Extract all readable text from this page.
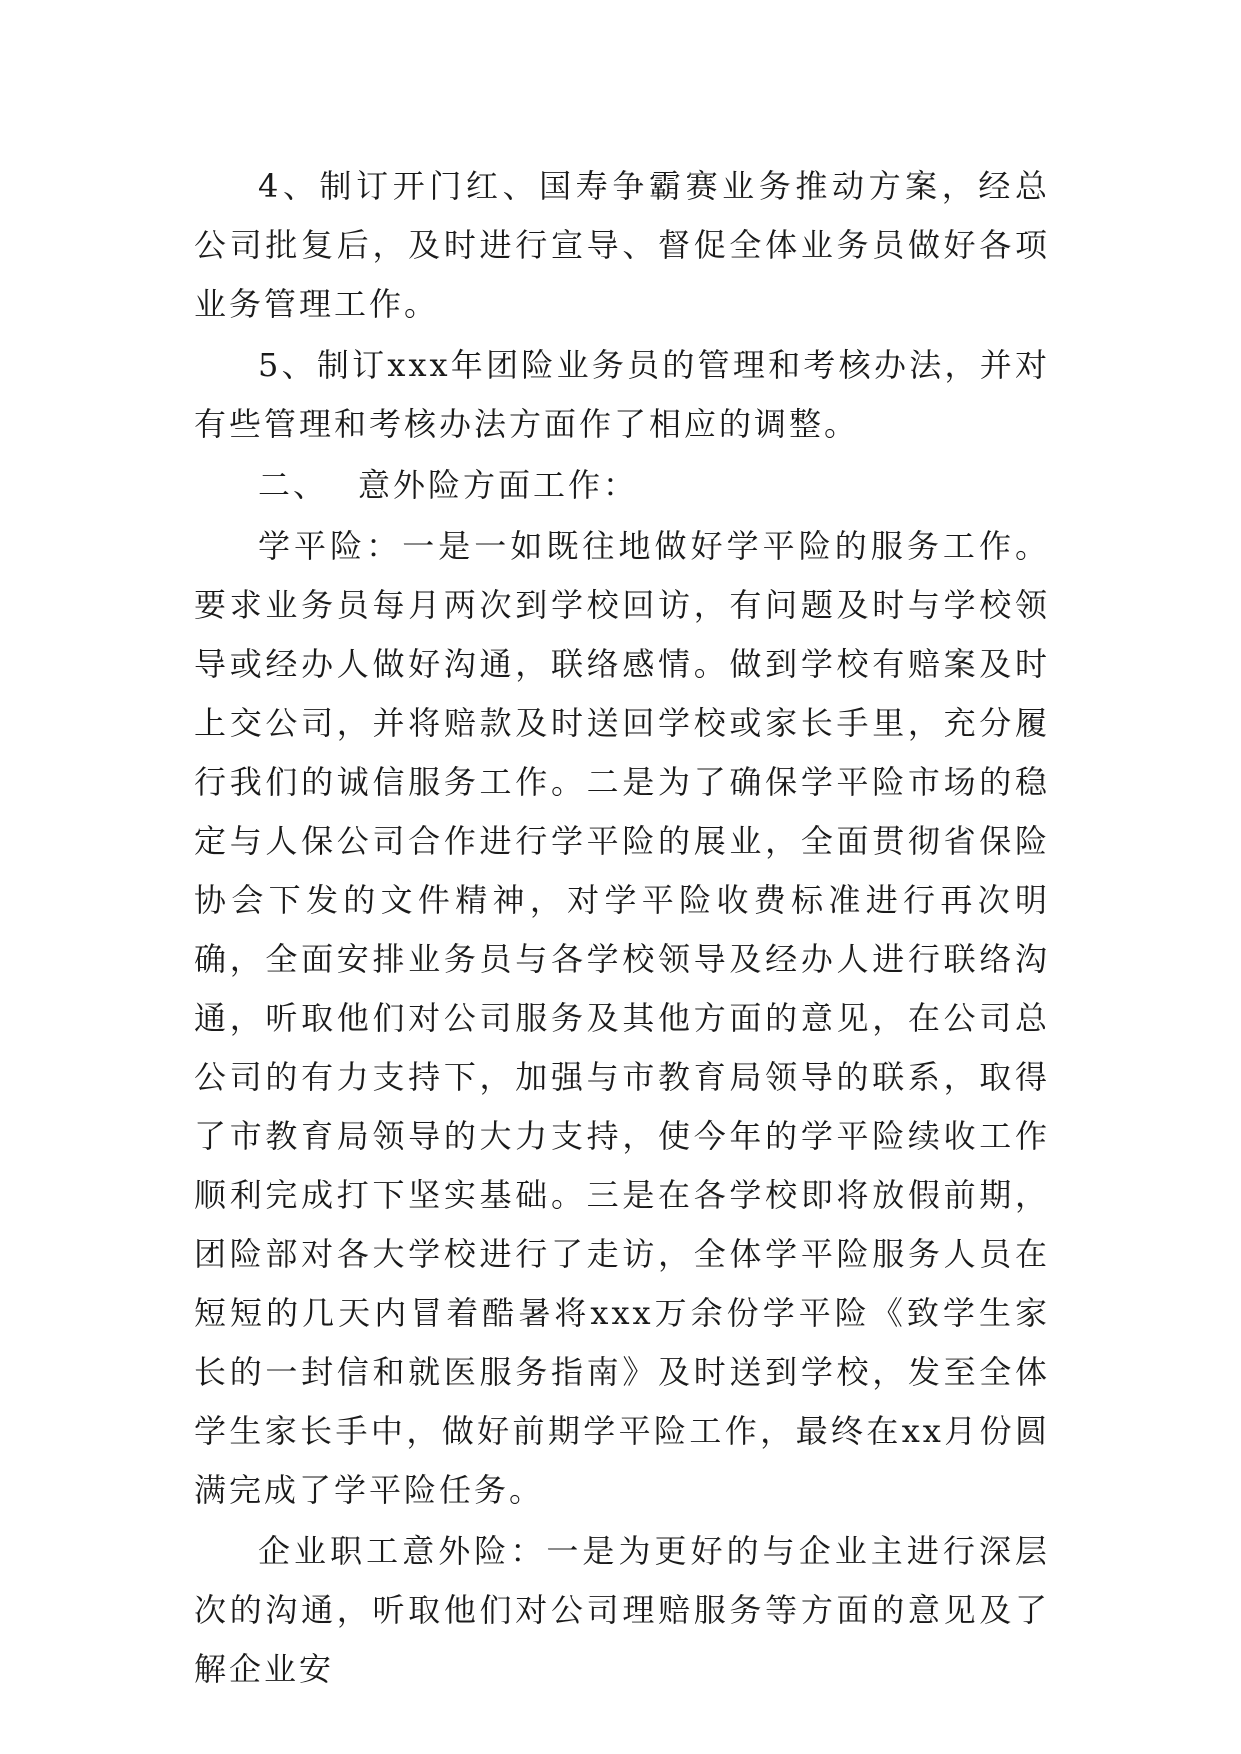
4、制订开门红、国寿争霸赛业务推动方案，经总公司批复后，及时进行宣导、督促全体业务员做好各项业务管理工作。

5、制订xxx年团险业务员的管理和考核办法，并对有些管理和考核办法方面作了相应的调整。

二、 意外险方面工作：

学平险：一是一如既往地做好学平险的服务工作。要求业务员每月两次到学校回访，有问题及时与学校领导或经办人做好沟通，联络感情。做到学校有赔案及时上交公司，并将赔款及时送回学校或家长手里，充分履行我们的诚信服务工作。二是为了确保学平险市场的稳定与人保公司合作进行学平险的展业，全面贯彻省保险协会下发的文件精神，对学平险收费标准进行再次明确，全面安排业务员与各学校领导及经办人进行联络沟通，听取他们对公司服务及其他方面的意见，在公司总公司的有力支持下，加强与市教育局领导的联系，取得了市教育局领导的大力支持，使今年的学平险续收工作顺利完成打下坚实基础。三是在各学校即将放假前期，团险部对各大学校进行了走访，全体学平险服务人员在短短的几天内冒着酷暑将xxx万余份学平险《致学生家长的一封信和就医服务指南》及时送到学校，发至全体学生家长手中，做好前期学平险工作，最终在xx月份圆满完成了学平险任务。

企业职工意外险：一是为更好的与企业主进行深层次的沟通，听取他们对公司理赔服务等方面的意见及了解企业安
